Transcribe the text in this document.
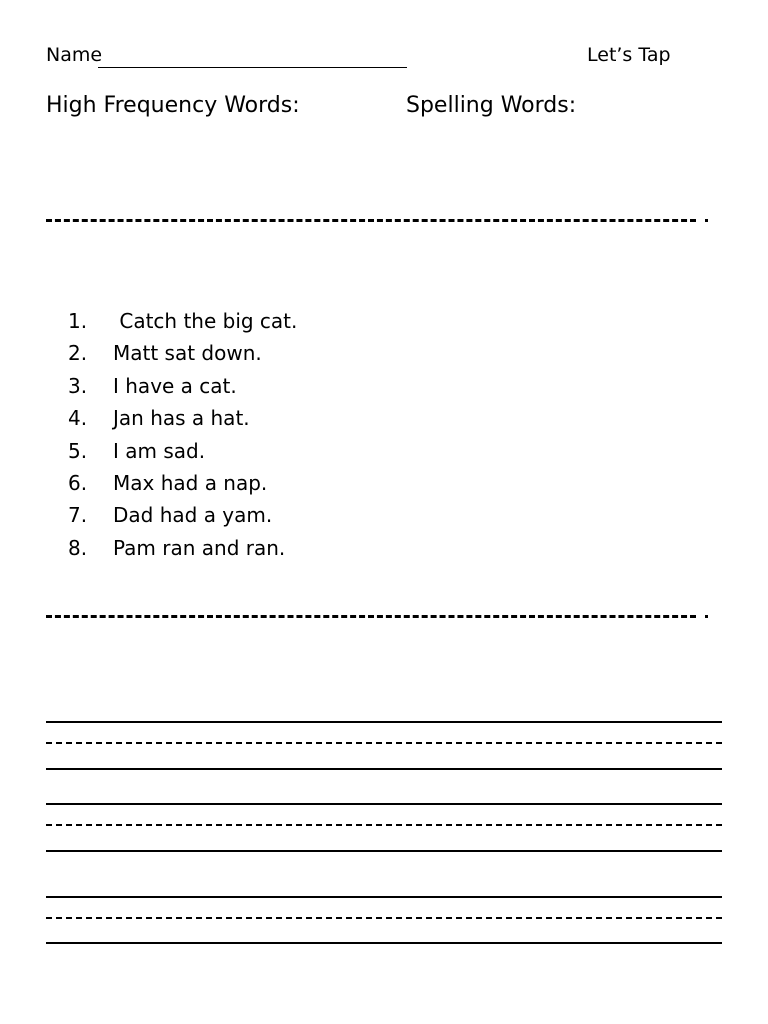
Name	Let’s Tap
High Frequency Words:	Spelling Words:
1. Catch the big cat.
2. Matt sat down.
3. I have a cat.
4. Jan has a hat.
5. I am sad.
6. Max had a nap.
7. Dad had a yam.
8. Pam ran and ran.
